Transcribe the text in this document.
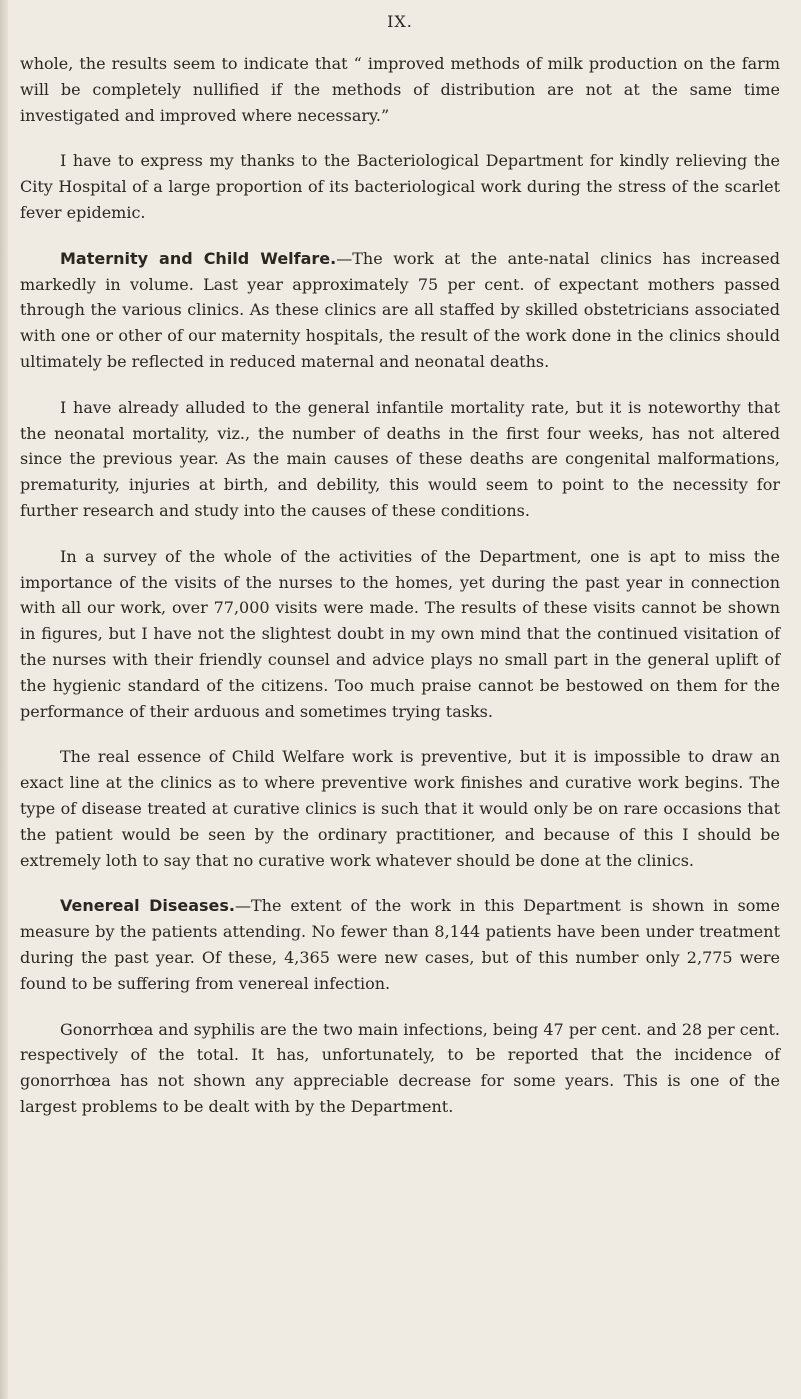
IX.

whole, the results seem to indicate that “ improved methods of milk production on the farm will be completely nullified if the methods of distribution are not at the same time investigated and improved where necessary.”

I have to express my thanks to the Bacteriological Department for kindly relieving the City Hospital of a large proportion of its bacteriological work during the stress of the scarlet fever epidemic.

Maternity and Child Welfare.—The work at the ante-natal clinics has increased markedly in volume. Last year approximately 75 per cent. of expectant mothers passed through the various clinics. As these clinics are all staffed by skilled obstetricians associated with one or other of our maternity hospitals, the result of the work done in the clinics should ultimately be reflected in reduced maternal and neonatal deaths.

I have already alluded to the general infantile mortality rate, but it is noteworthy that the neonatal mortality, viz., the number of deaths in the first four weeks, has not altered since the previous year. As the main causes of these deaths are congenital malformations, prematurity, injuries at birth, and debility, this would seem to point to the necessity for further research and study into the causes of these conditions.

In a survey of the whole of the activities of the Department, one is apt to miss the importance of the visits of the nurses to the homes, yet during the past year in connection with all our work, over 77,000 visits were made. The results of these visits cannot be shown in figures, but I have not the slightest doubt in my own mind that the continued visitation of the nurses with their friendly counsel and advice plays no small part in the general uplift of the hygienic standard of the citizens. Too much praise cannot be bestowed on them for the performance of their arduous and sometimes trying tasks.

The real essence of Child Welfare work is preventive, but it is impossible to draw an exact line at the clinics as to where preventive work finishes and curative work begins. The type of disease treated at curative clinics is such that it would only be on rare occasions that the patient would be seen by the ordinary practitioner, and because of this I should be extremely loth to say that no curative work whatever should be done at the clinics.

Venereal Diseases.—The extent of the work in this Department is shown in some measure by the patients attending. No fewer than 8,144 patients have been under treatment during the past year. Of these, 4,365 were new cases, but of this number only 2,775 were found to be suffering from venereal infection.

Gonorrhœa and syphilis are the two main infections, being 47 per cent. and 28 per cent. respectively of the total. It has, unfortunately, to be reported that the incidence of gonorrhœa has not shown any appreciable decrease for some years. This is one of the largest problems to be dealt with by the Department.
